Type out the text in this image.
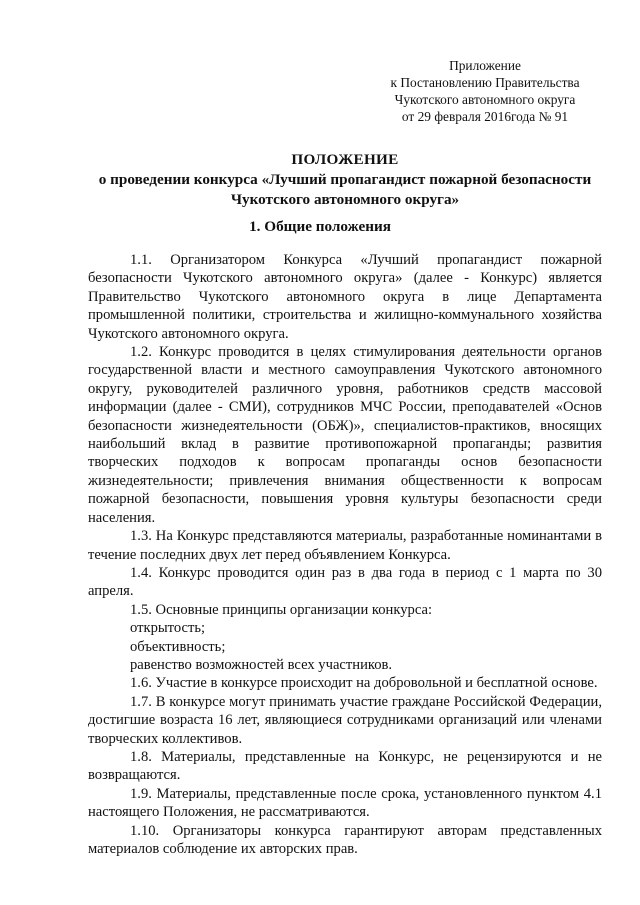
Приложение
к Постановлению Правительства
Чукотского автономного округа
от 29 февраля 2016года № 91
ПОЛОЖЕНИЕ
о проведении конкурса «Лучший пропагандист пожарной безопасности
Чукотского автономного округа»
1. Общие положения

1.1. Организатором Конкурса «Лучший пропагандист пожарной безопасности Чукотского автономного округа» (далее - Конкурс) является Правительство Чукотского автономного округа в лице Департамента промышленной политики, строительства и жилищно-коммунального хозяйства Чукотского автономного округа.

1.2. Конкурс проводится в целях стимулирования деятельности органов государственной власти и местного самоуправления Чукотского автономного округу, руководителей различного уровня, работников средств массовой информации (далее - СМИ), сотрудников МЧС России, преподавателей «Основ безопасности жизнедеятельности (ОБЖ)», специалистов-практиков, вносящих наибольший вклад в развитие противопожарной пропаганды; развития творческих подходов к вопросам пропаганды основ безопасности жизнедеятельности; привлечения внимания общественности к вопросам пожарной безопасности, повышения уровня культуры безопасности среди населения.

1.3. На Конкурс представляются материалы, разработанные номинантами в течение последних двух лет перед объявлением Конкурса.

1.4. Конкурс проводится один раз в два года в период с 1 марта по 30 апреля.

1.5. Основные принципы организации конкурса:

открытость;

объективность;

равенство возможностей всех участников.

1.6. Участие в конкурсе происходит на добровольной и бесплатной основе.

1.7. В конкурсе могут принимать участие граждане Российской Федерации, достигшие возраста 16 лет, являющиеся сотрудниками организаций или членами творческих коллективов.

1.8. Материалы, представленные на Конкурс, не рецензируются и не возвращаются.

1.9. Материалы, представленные после срока, установленного пунктом 4.1 настоящего Положения, не рассматриваются.

1.10. Организаторы конкурса гарантируют авторам представленных материалов соблюдение их авторских прав.
